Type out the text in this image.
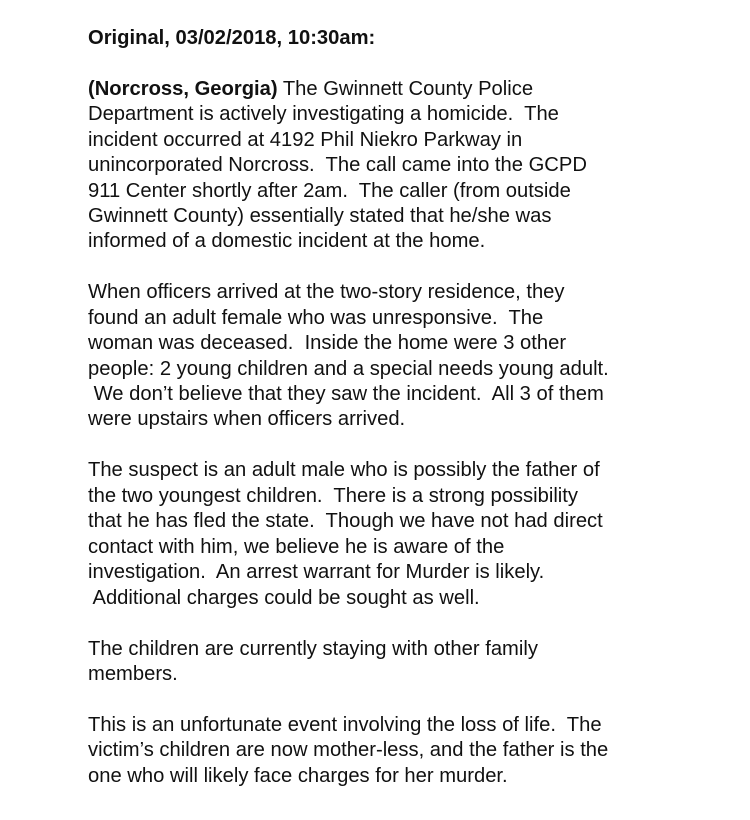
Original, 03/02/2018, 10:30am:
(Norcross, Georgia) The Gwinnett County Police
Department is actively investigating a homicide.  The
incident occurred at 4192 Phil Niekro Parkway in
unincorporated Norcross.  The call came into the GCPD
911 Center shortly after 2am.  The caller (from outside
Gwinnett County) essentially stated that he/she was
informed of a domestic incident at the home.
When officers arrived at the two-story residence, they
found an adult female who was unresponsive.  The
woman was deceased.  Inside the home were 3 other
people: 2 young children and a special needs young adult.
We don’t believe that they saw the incident.  All 3 of them
were upstairs when officers arrived.
The suspect is an adult male who is possibly the father of
the two youngest children.  There is a strong possibility
that he has fled the state.  Though we have not had direct
contact with him, we believe he is aware of the
investigation.  An arrest warrant for Murder is likely.
Additional charges could be sought as well.
The children are currently staying with other family
members.
This is an unfortunate event involving the loss of life.  The
victim’s children are now mother-less, and the father is the
one who will likely face charges for her murder.
